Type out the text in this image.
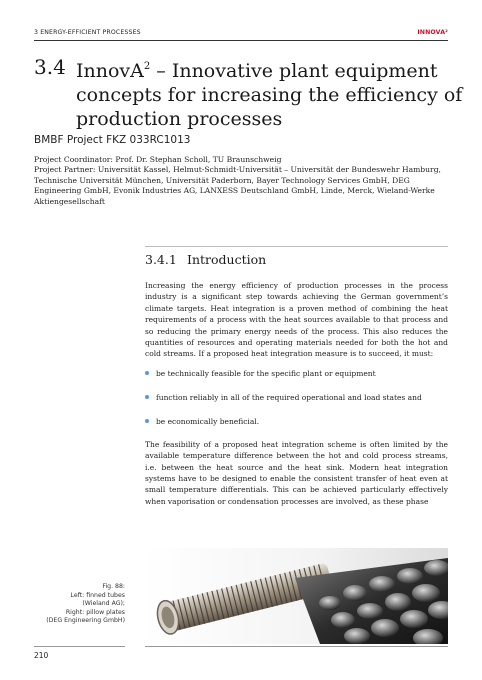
3 ENERGY-EFFICIENT PROCESSES	INNOVA²
3.4 InnovA$^2$ – Innovative plant equipment concepts for increasing the efficiency of production processes
BMBF Project FKZ 033RC1013

Project Coordinator: Prof. Dr. Stephan Scholl, TU Braunschweig

Project Partner: Universität Kassel, Helmut-Schmidt-Universität – Universität der Bundeswehr Hamburg, Technische Universität München, Universität Paderborn, Bayer Technology Services GmbH, DEG Engineering GmbH, Evonik Industries AG, LANXESS Deutschland GmbH, Linde, Merck, Wieland-Werke Aktiengesellschaft

3.4.1 Introduction

Increasing the energy efficiency of production processes in the process industry is a significant step towards achieving the German government’s climate targets. Heat integration is a proven method of combining the heat requirements of a process with the heat sources available to that process and so reducing the primary energy needs of the process. This also reduces the quantities of resources and operating materials needed for both the hot and cold streams. If a proposed heat integration measure is to succeed, it must:

be technically feasible for the specific plant or equipment
function reliably in all of the required operational and load states and
be economically beneficial.

The feasibility of a proposed heat integration scheme is often limited by the available temperature difference between the hot and cold process streams, i.e. between the heat source and the heat sink. Modern heat integration systems have to be designed to enable the consistent transfer of heat even at small temperature differentials. This can be achieved particularly effectively when vaporisation or condensation processes are involved, as these phase

Fig. 88:
Left: finned tubes
(Wieland AG);
Right: pillow plates
(DEG Engineering GmbH)
210
